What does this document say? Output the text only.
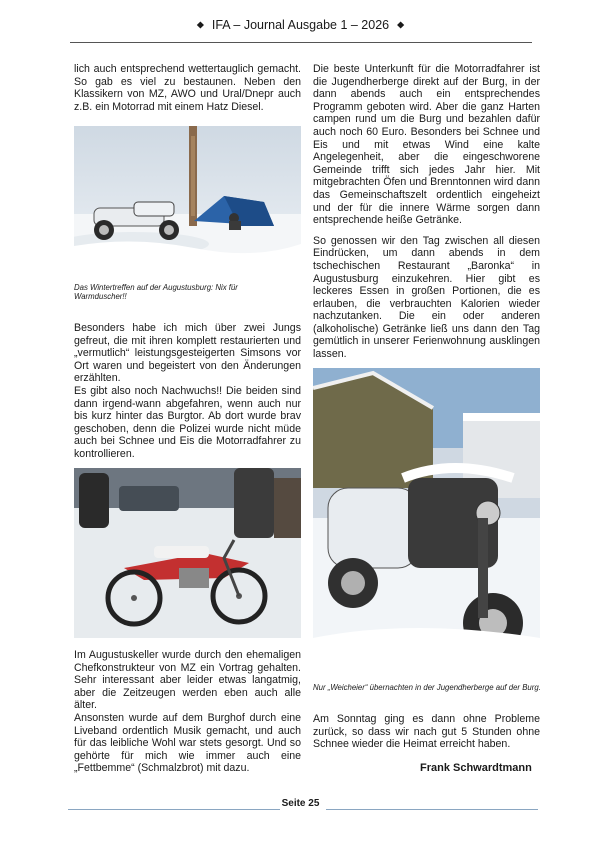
⯁ IFA – Journal Ausgabe 1 – 2026 ⯁

lich auch entsprechend wettertauglich gemacht. So gab es viel zu bestaunen. Neben den Klassikern von MZ, AWO und Ural/Dnepr auch z.B. ein Motorrad mit einem Hatz Diesel.

Das Wintertreffen auf der Augustusburg: Nix für Warmduscher!!

Besonders habe ich mich über zwei Jungs gefreut, die mit ihren komplett restaurierten und „vermutlich“ leistungsgesteigerten Simsons vor Ort waren und begeistert von den Änderungen erzählten.

Es gibt also noch Nachwuchs!! Die beiden sind dann irgend-wann abgefahren, wenn auch nur bis kurz hinter das Burgtor. Ab dort wurde brav geschoben, denn die Polizei wurde nicht müde auch bei Schnee und Eis die Motorradfahrer zu kontrollieren.

Im Augustuskeller wurde durch den ehemaligen Chefkonstrukteur von MZ ein Vortrag gehalten. Sehr interessant aber leider etwas langatmig, aber die Zeitzeugen werden eben auch alle älter.

Ansonsten wurde auf dem Burghof durch eine Liveband ordentlich Musik gemacht, und auch für das leibliche Wohl war stets gesorgt. Und so gehörte für mich wie immer auch eine „Fettbemme“ (Schmalzbrot) mit dazu.

Die beste Unterkunft für die Motorradfahrer ist die Jugendherberge direkt auf der Burg, in der dann abends auch ein entsprechendes Programm geboten wird. Aber die ganz Harten campen rund um die Burg und bezahlen dafür auch noch 60 Euro. Besonders bei Schnee und Eis und mit etwas Wind eine kalte Angelegenheit, aber die eingeschworene Gemeinde trifft sich jedes Jahr hier. Mit mitgebrachten Öfen und Brenntonnen wird dann das Gemeinschaftszelt ordentlich eingeheizt und der für die innere Wärme sorgen dann entsprechende heiße Getränke.

So genossen wir den Tag zwischen all diesen Eindrücken, um dann abends in dem tschechischen Restaurant „Baronka“ in Augustusburg einzukehren. Hier gibt es leckeres Essen in großen Portionen, die es erlauben, die verbrauchten Kalorien wieder nachzutanken. Die ein oder anderen (alkoholische) Getränke ließ uns dann den Tag gemütlich in unserer Ferienwohnung ausklingen lassen.

Nur „Weicheier“ übernachten in der Jugendherberge auf der Burg.

Am Sonntag ging es dann ohne Probleme zurück, so dass wir nach gut 5 Stunden ohne Schnee wieder die Heimat erreicht haben.

Frank Schwardtmann
Seite 25
